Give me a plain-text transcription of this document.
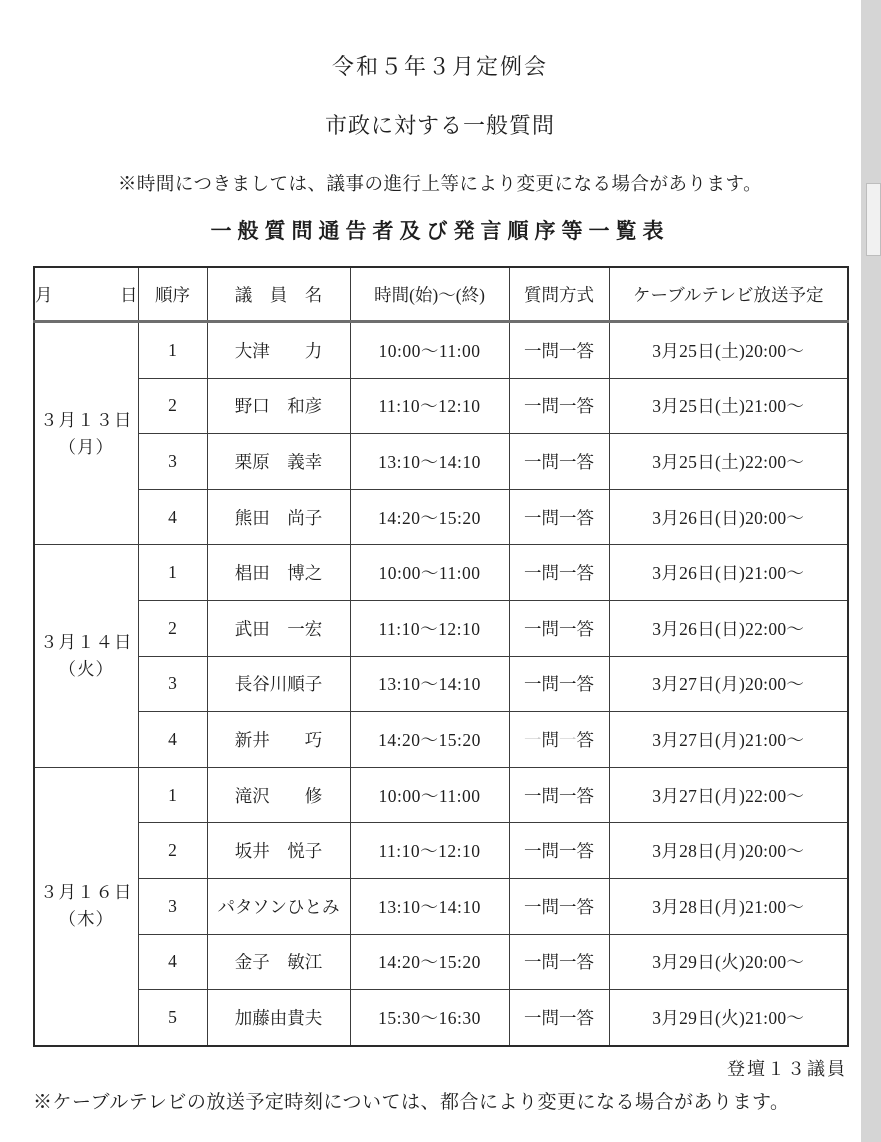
令和５年３月定例会
市政に対する一般質問
※時間につきましては、議事の進行上等により変更になる場合があります。
一般質問通告者及び発言順序等一覧表
月　日	順序	議　員　名	時間(始)～(終)	質問方式	ケーブルテレビ放送予定

３月１３日
（月）	1	大津　　力	10:00～11:00	一問一答	3月25日(土)20:00～
	2	野口　和彦	11:10～12:10	一問一答	3月25日(土)21:00～
	3	栗原　義幸	13:10～14:10	一問一答	3月25日(土)22:00～
	4	熊田　尚子	14:20～15:20	一問一答	3月26日(日)20:00～

３月１４日
（火）	1	椙田　博之	10:00～11:00	一問一答	3月26日(日)21:00～
	2	武田　一宏	11:10～12:10	一問一答	3月26日(日)22:00～
	3	長谷川順子	13:10～14:10	一問一答	3月27日(月)20:00～
	4	新井　　巧	14:20～15:20	一問一答	3月27日(月)21:00～

３月１６日
（木）	1	滝沢　　修	10:00～11:00	一問一答	3月27日(月)22:00～
	2	坂井　悦子	11:10～12:10	一問一答	3月28日(月)20:00～
	3	パタソンひとみ	13:10～14:10	一問一答	3月28日(月)21:00～
	4	金子　敏江	14:20～15:20	一問一答	3月29日(火)20:00～
	5	加藤由貴夫	15:30～16:30	一問一答	3月29日(火)21:00～
登壇１３議員
※ケーブルテレビの放送予定時刻については、都合により変更になる場合があります。
